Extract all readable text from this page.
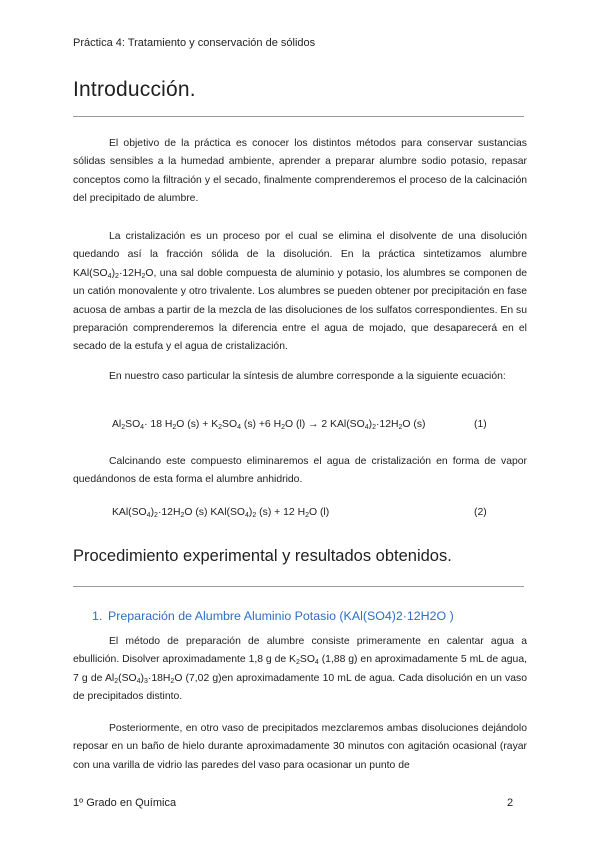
Práctica 4: Tratamiento y conservación de sólidos
Introducción.
El objetivo de la práctica es conocer los distintos métodos para conservar sustancias sólidas sensibles a la humedad ambiente, aprender a preparar alumbre sodio potasio, repasar conceptos como la filtración y el secado, finalmente comprenderemos el proceso de la calcinación del precipitado de alumbre.
La cristalización es un proceso por el cual se elimina el disolvente de una disolución quedando así la fracción sólida de la disolución. En la práctica sintetizamos alumbre $KAl(SO_4)_2\cdot 12H_2O$, una sal doble compuesta de aluminio y potasio, los alumbres se componen de un catión monovalente y otro trivalente. Los alumbres se pueden obtener por precipitación en fase acuosa de ambas a partir de la mezcla de las disoluciones de los sulfatos correspondientes. En su preparación comprenderemos la diferencia entre el agua de mojado, que desaparecerá en el secado de la estufa y el agua de cristalización.
En nuestro caso particular la síntesis de alumbre corresponde a la siguiente ecuación:
$Al_2SO_4\cdot 18$ $H_2O$ $(s) + K_2SO_4$ (s) +6 $H_2O$ (l) → 2 $KAl(SO_4)_2\cdot 12H_2O$ (s)	(1)
Calcinando este compuesto eliminaremos el agua de cristalización en forma de vapor quedándonos de esta forma el alumbre anhidrido.
$KAl(SO_4)_2\cdot 12H_2O$ (s) $KAl(SO_4)_2$ (s) + 12 $H_2O$ (l)	(2)
Procedimiento experimental y resultados obtenidos.
1. Preparación de Alumbre Aluminio Potasio (KAl(SO4)2·12H2O )
El método de preparación de alumbre consiste primeramente en calentar agua a ebullición. Disolver aproximadamente 1,8 g de $K_2SO_4$ (1,88 g) en aproximadamente 5 mL de agua, 7 g de $Al_2(SO_4)_3\cdot 18H_2O$ (7,02 g)en aproximadamente 10 mL de agua. Cada disolución en un vaso de precipitados distinto.
Posteriormente, en otro vaso de precipitados mezclaremos ambas disoluciones dejándolo reposar en un baño de hielo durante aproximadamente 30 minutos con agitación ocasional (rayar con una varilla de vidrio las paredes del vaso para ocasionar un punto de
1º Grado en Química	2
